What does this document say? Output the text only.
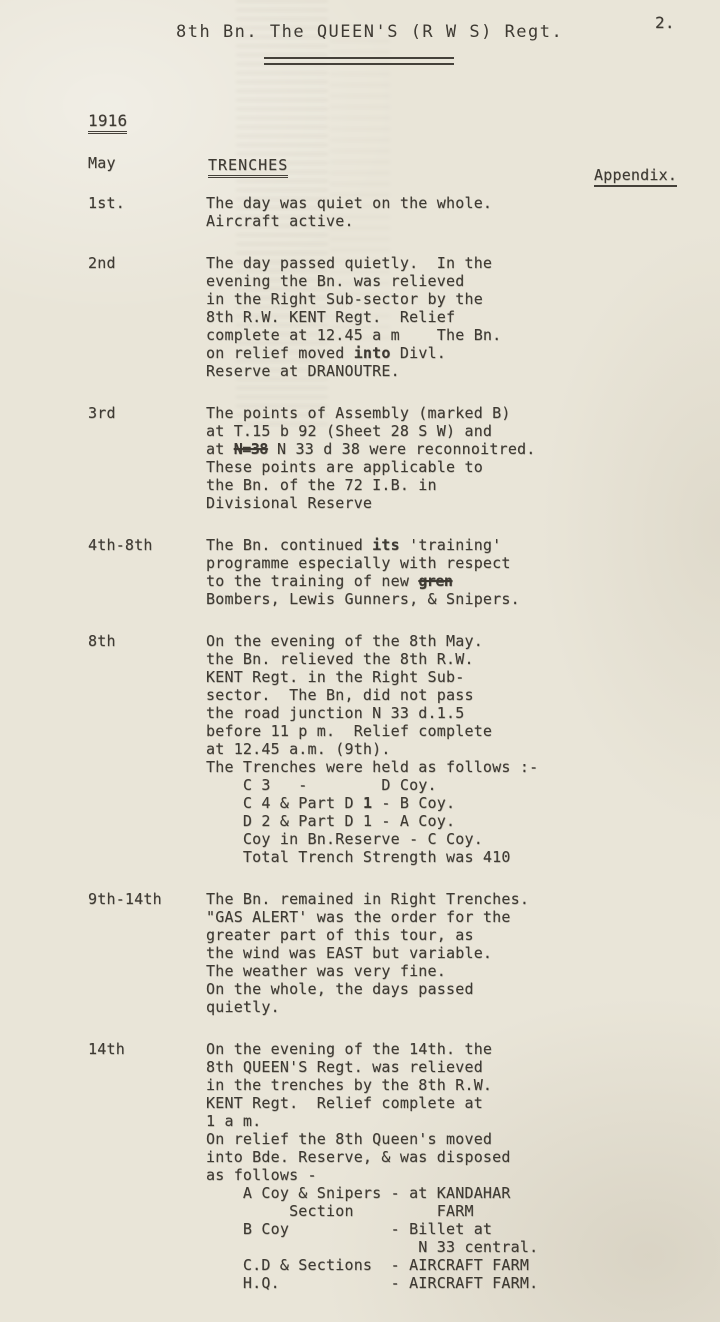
2.
8th Bn. The QUEEN'S (R W S) Regt.
1916
May	TRENCHES
Appendix.
1st.	The day was quiet on the whole.
Aircraft active.
2nd	The day passed quietly.  In the
evening the Bn. was relieved
in the Right Sub-sector by the
8th R.W. KENT Regt.  Relief
complete at 12.45 a m    The Bn.
on relief moved into Divl.
Reserve at DRANOUTRE.
3rd	The points of Assembly (marked B)
at T.15 b 92 (Sheet 28 S W) and
at N=38 N 33 d 38 were reconnoitred.
These points are applicable to
the Bn. of the 72 I.B. in
Divisional Reserve
4th-8th	The Bn. continued its 'training'
programme especially with respect
to the training of new gren
Bombers, Lewis Gunners, & Snipers.
8th	On the evening of the 8th May.
the Bn. relieved the 8th R.W.
KENT Regt. in the Right Sub-
sector.  The Bn, did not pass
the road junction N 33 d.1.5
before 11 p m.  Relief complete
at 12.45 a.m. (9th).
The Trenches were held as follows :-
C 3   -        D Coy.
C 4 & Part D 1 - B Coy.
D 2 & Part D 1 - A Coy.
Coy in Bn.Reserve - C Coy.
Total Trench Strength was 410
9th-14th	The Bn. remained in Right Trenches.
"GAS ALERT' was the order for the
greater part of this tour, as
the wind was EAST but variable.
The weather was very fine.
On the whole, the days passed
quietly.
14th	On the evening of the 14th. the
8th QUEEN'S Regt. was relieved
in the trenches by the 8th R.W.
KENT Regt.  Relief complete at
1 a m.
On relief the 8th Queen's moved
into Bde. Reserve, & was disposed
as follows -
A Coy & Snipers - at KANDAHAR
Section         FARM
B Coy           - Billet at
N 33 central.
C.D & Sections  - AIRCRAFT FARM
H.Q.            - AIRCRAFT FARM.
